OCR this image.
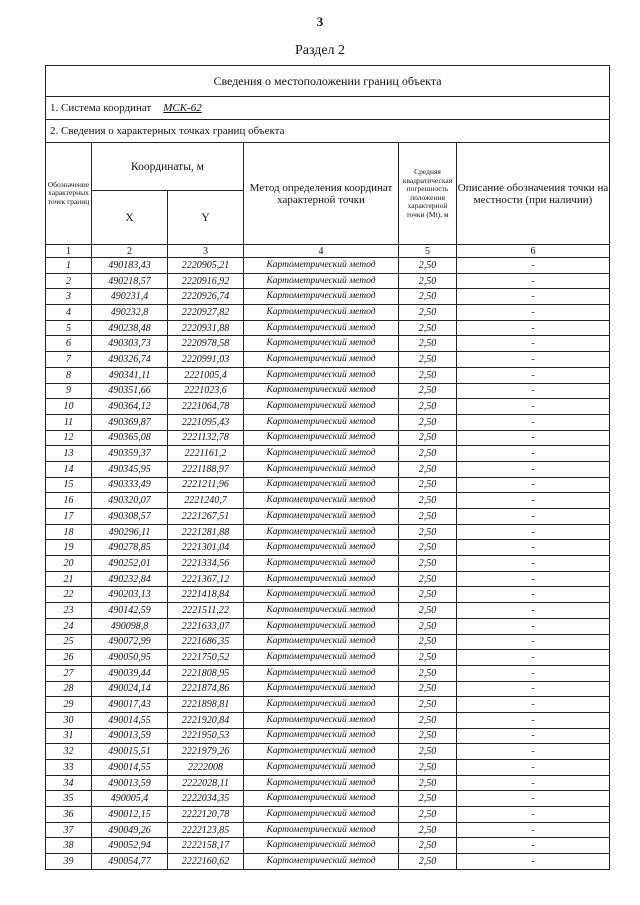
3
Раздел 2
Сведения о местоположении границ объекта					
1. Система координат МСК-62					
2. Сведения о характерных точках границ объекта					
Обозначение характерных точек границ	Координаты, м		Метод определения координат характерной точки	Средняя квадратическая погрешность положения характерной точки (Mt), м	Описание обозначения точки на местности (при наличии)
	X	Y			
1	2	3	4	5	6
1	490183,43	2220905,21	Картометрический метод	2,50	-
2	490218,57	2220916,92	Картометрический метод	2,50	-
3	490231,4	2220926,74	Картометрический метод	2,50	-
4	490232,8	2220927,82	Картометрический метод	2,50	-
5	490238,48	2220931,88	Картометрический метод	2,50	-
6	490303,73	2220978,58	Картометрический метод	2,50	-
7	490326,74	2220991,03	Картометрический метод	2,50	-
8	490341,11	2221005,4	Картометрический метод	2,50	-
9	490351,66	2221023,6	Картометрический метод	2,50	-
10	490364,12	2221064,78	Картометрический метод	2,50	-
11	490369,87	2221095,43	Картометрический метод	2,50	-
12	490365,08	2221132,78	Картометрический метод	2,50	-
13	490359,37	2221161,2	Картометрический метод	2,50	-
14	490345,95	2221188,97	Картометрический метод	2,50	-
15	490333,49	2221211,96	Картометрический метод	2,50	-
16	490320,07	2221240,7	Картометрический метод	2,50	-
17	490308,57	2221267,51	Картометрический метод	2,50	-
18	490296,11	2221281,88	Картометрический метод	2,50	-
19	490278,85	2221301,04	Картометрический метод	2,50	-
20	490252,01	2221334,56	Картометрический метод	2,50	-
21	490232,84	2221367,12	Картометрический метод	2,50	-
22	490203,13	2221418,84	Картометрический метод	2,50	-
23	490142,59	2221511,22	Картометрический метод	2,50	-
24	490098,8	2221633,07	Картометрический метод	2,50	-
25	490072,99	2221686,35	Картометрический метод	2,50	-
26	490050,95	2221750,52	Картометрический метод	2,50	-
27	490039,44	2221808,95	Картометрический метод	2,50	-
28	490024,14	2221874,86	Картометрический метод	2,50	-
29	490017,43	2221898,81	Картометрический метод	2,50	-
30	490014,55	2221920,84	Картометрический метод	2,50	-
31	490013,59	2221950,53	Картометрический метод	2,50	-
32	490015,51	2221979,26	Картометрический метод	2,50	-
33	490014,55	2222008	Картометрический метод	2,50	-
34	490013,59	2222028,11	Картометрический метод	2,50	-
35	490005,4	2222034,35	Картометрический метод	2,50	-
36	490012,15	2222120,78	Картометрический метод	2,50	-
37	490049,26	2222123,85	Картометрический метод	2,50	-
38	490052,94	2222158,17	Картометрический метод	2,50	-
39	490054,77	2222160,62	Картометрический метод	2,50	-
